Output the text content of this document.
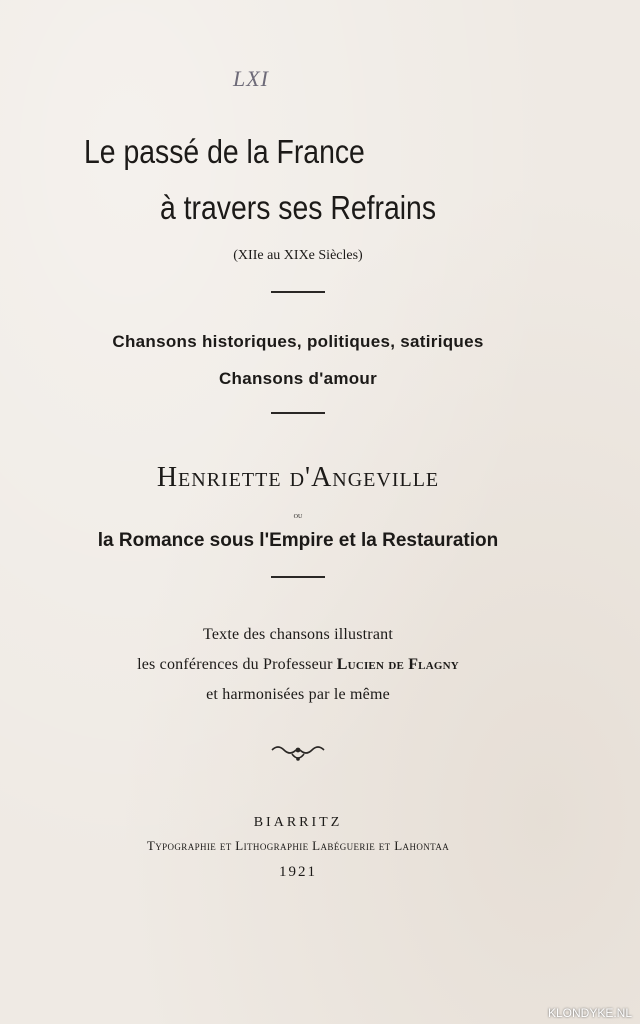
LXI
Le passé de la France
à travers ses Refrains
(XIIe au XIXe Siècles)
Chansons historiques, politiques, satiriques
Chansons d'amour
Henriette d'Angeville
ou
la Romance sous l'Empire et la Restauration
Texte des chansons illustrant
les conférences du Professeur Lucien de Flagny
et harmonisées par le même
BIARRITZ
Typographie et Lithographie Labéguerie et Lahontaa
1921
KLONDYKE.NL
